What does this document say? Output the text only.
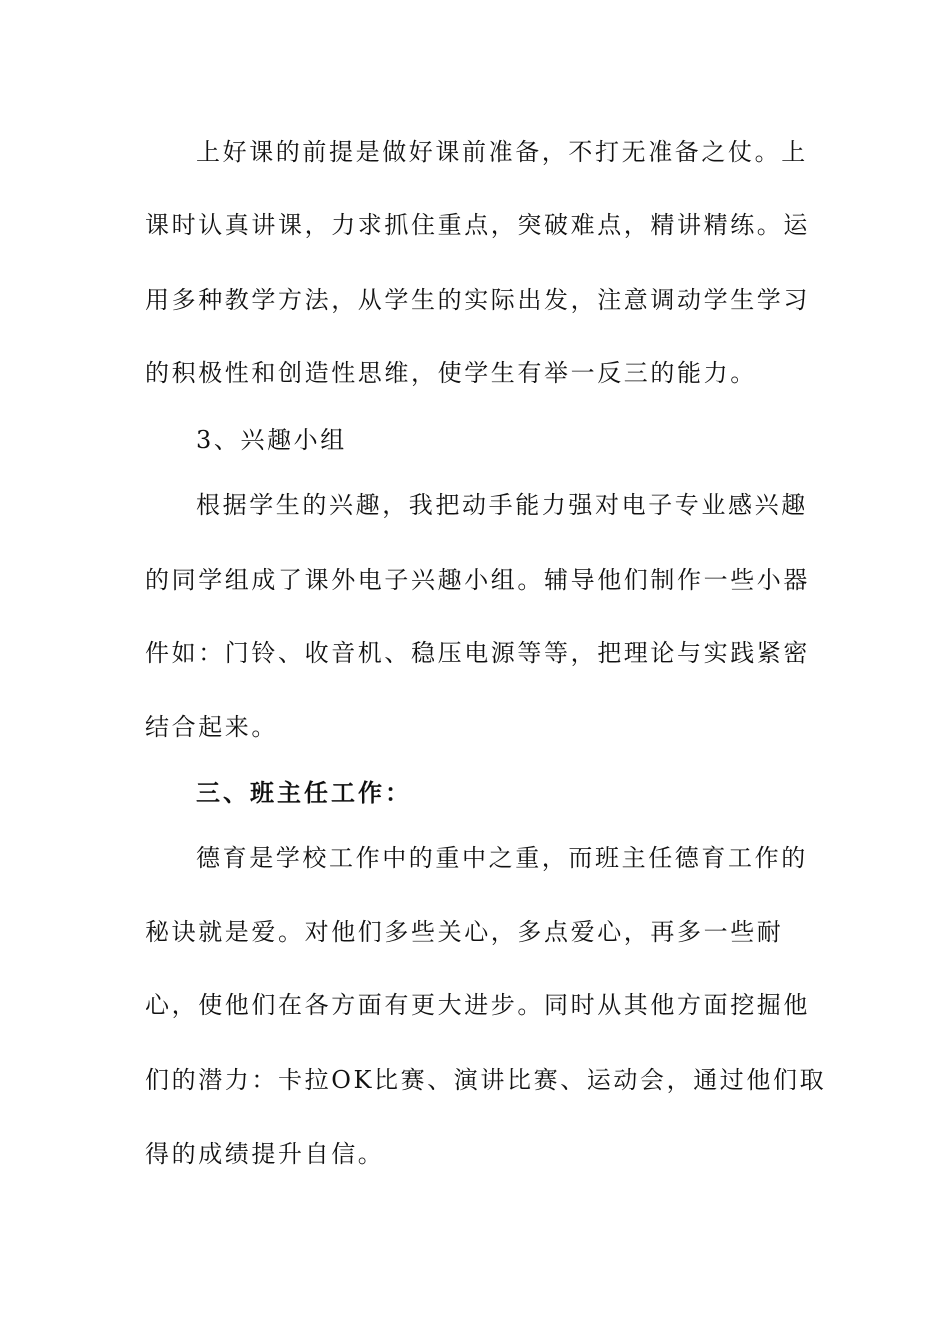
上好课的前提是做好课前准备，不打无准备之仗。上
课时认真讲课，力求抓住重点，突破难点，精讲精练。运
用多种教学方法，从学生的实际出发，注意调动学生学习
的积极性和创造性思维，使学生有举一反三的能力。
3、兴趣小组
根据学生的兴趣，我把动手能力强对电子专业感兴趣
的同学组成了课外电子兴趣小组。辅导他们制作一些小器
件如：门铃、收音机、稳压电源等等，把理论与实践紧密
结合起来。
三、班主任工作：
德育是学校工作中的重中之重，而班主任德育工作的
秘诀就是爱。对他们多些关心，多点爱心，再多一些耐
心，使他们在各方面有更大进步。同时从其他方面挖掘他
们的潜力：卡拉OK比赛、演讲比赛、运动会，通过他们取
得的成绩提升自信。
